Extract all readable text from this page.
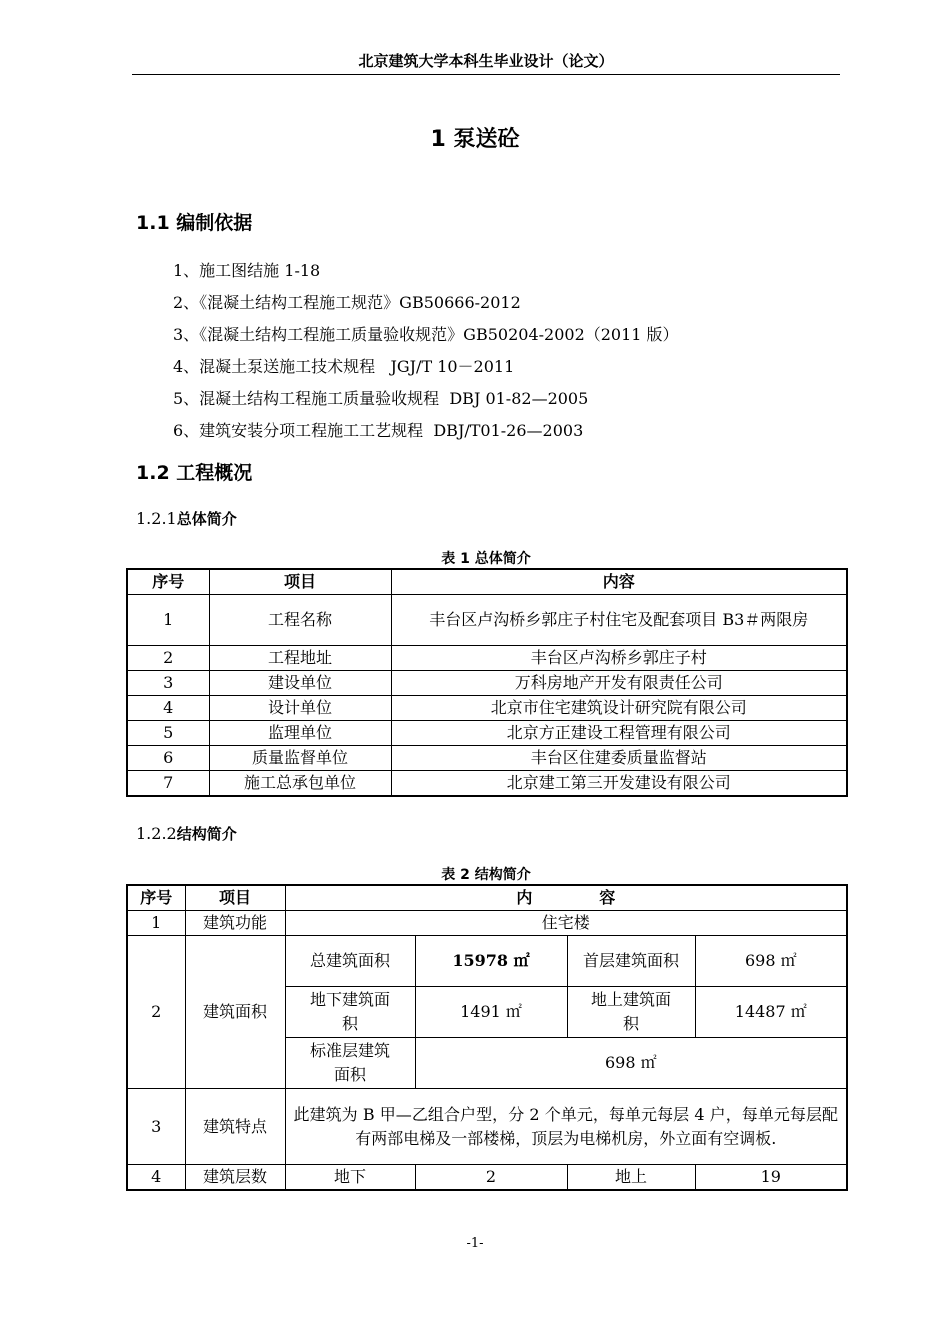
北京建筑大学本科生毕业设计（论文）
1 泵送砼
1.1 编制依据
1、施工图结施 1-18
2、《混凝土结构工程施工规范》GB50666-2012
3、《混凝土结构工程施工质量验收规范》GB50204-2002（2011 版）
4、混凝土泵送施工技术规程   JGJ/T 10－2011
5、混凝土结构工程施工质量验收规程  DBJ 01-82—2005
6、建筑安装分项工程施工工艺规程  DBJ/T01-26—2003
1.2 工程概况
1.2.1总体简介
表 1 总体简介
序号	项目	内容
1	工程名称	丰台区卢沟桥乡郭庄子村住宅及配套项目 B3＃两限房
2	工程地址	丰台区卢沟桥乡郭庄子村
3	建设单位	万科房地产开发有限责任公司
4	设计单位	北京市住宅建筑设计研究院有限公司
5	监理单位	北京方正建设工程管理有限公司
6	质量监督单位	丰台区住建委质量监督站
7	施工总承包单位	北京建工第三开发建设有限公司
1.2.2结构简介
表 2 结构简介
序号	项目	内            容			
1	建筑功能	住宅楼			
2	建筑面积	总建筑面积	15978 ㎡	首层建筑面积	698 ㎡
		地下建筑面积	1491 ㎡	地上建筑面积	14487 ㎡
		标准层建筑面积	698 ㎡		
3	建筑特点	此建筑为 B 甲—乙组合户型，分 2 个单元，每单元每层 4 户，每单元每层配有两部电梯及一部楼梯，顶层为电梯机房，外立面有空调板.			
4	建筑层数	地下	2	地上	19
-1-
